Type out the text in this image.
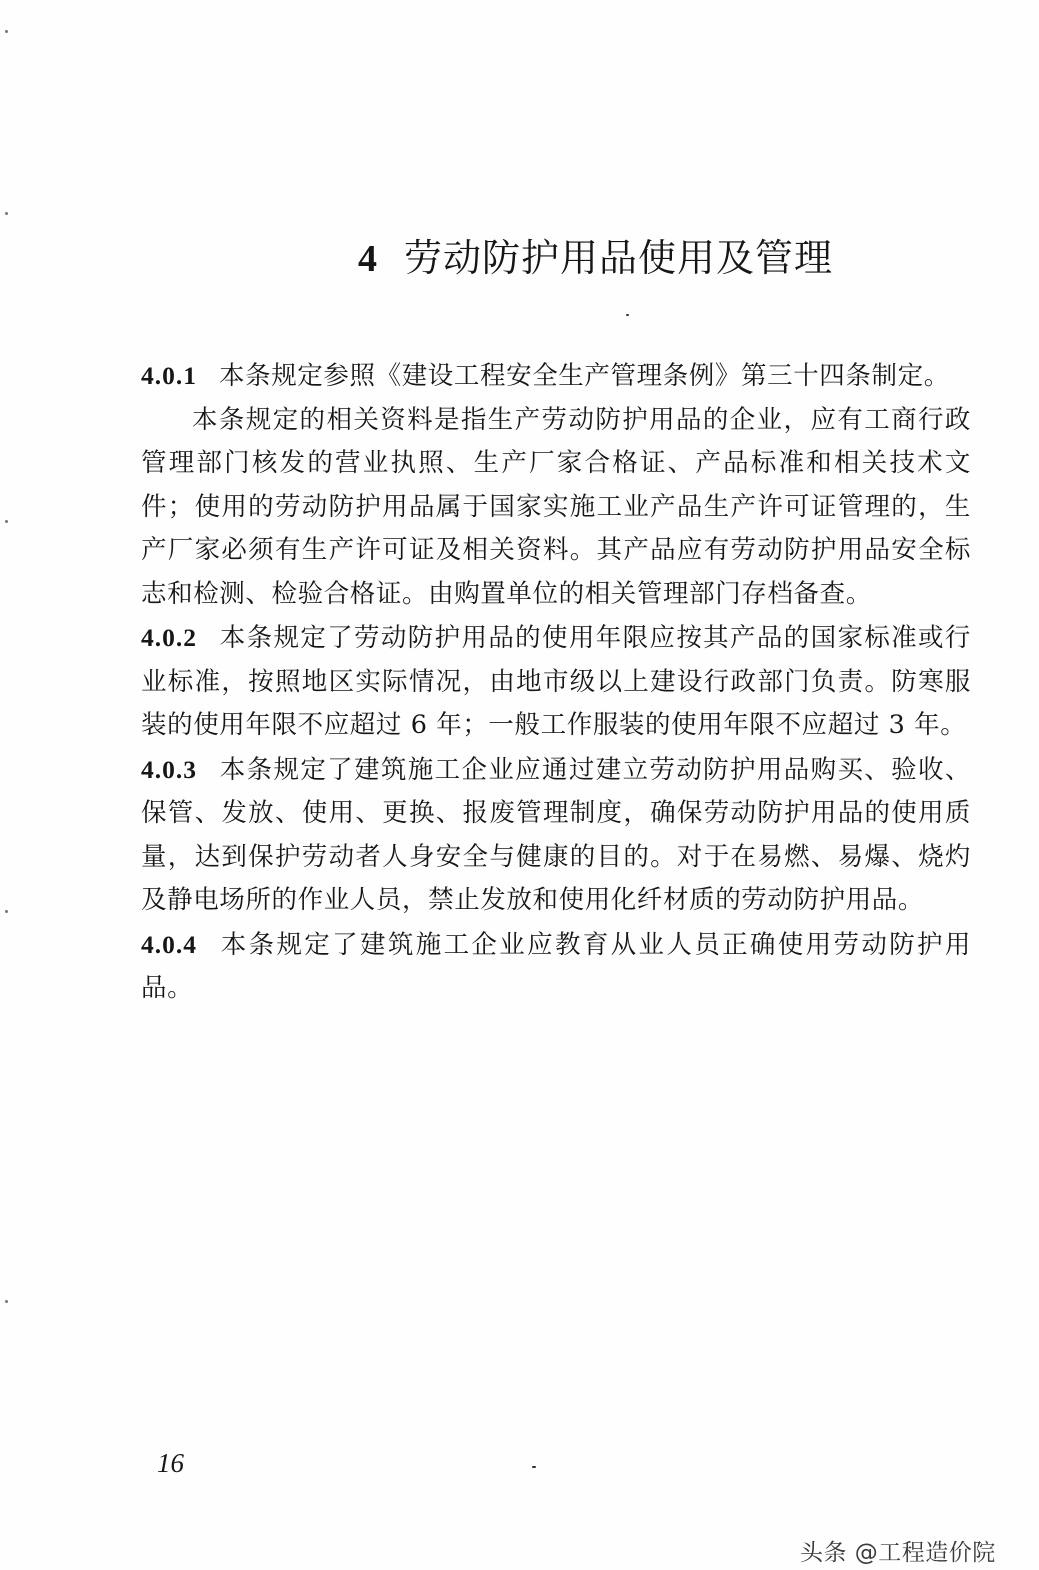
4 劳动防护用品使用及管理

4.0.1 本条规定参照《建设工程安全生产管理条例》第三十四条制定。

本条规定的相关资料是指生产劳动防护用品的企业，应有工商行政管理部门核发的营业执照、生产厂家合格证、产品标准和相关技术文件；使用的劳动防护用品属于国家实施工业产品生产许可证管理的，生产厂家必须有生产许可证及相关资料。其产品应有劳动防护用品安全标志和检测、检验合格证。由购置单位的相关管理部门存档备查。

4.0.2 本条规定了劳动防护用品的使用年限应按其产品的国家标准或行业标准，按照地区实际情况，由地市级以上建设行政部门负责。防寒服装的使用年限不应超过 6 年；一般工作服装的使用年限不应超过 3 年。

4.0.3 本条规定了建筑施工企业应通过建立劳动防护用品购买、验收、保管、发放、使用、更换、报废管理制度，确保劳动防护用品的使用质量，达到保护劳动者人身安全与健康的目的。对于在易燃、易爆、烧灼及静电场所的作业人员，禁止发放和使用化纤材质的劳动防护用品。

4.0.4 本条规定了建筑施工企业应教育从业人员正确使用劳动防护用品。

16

头条 @工程造价院
